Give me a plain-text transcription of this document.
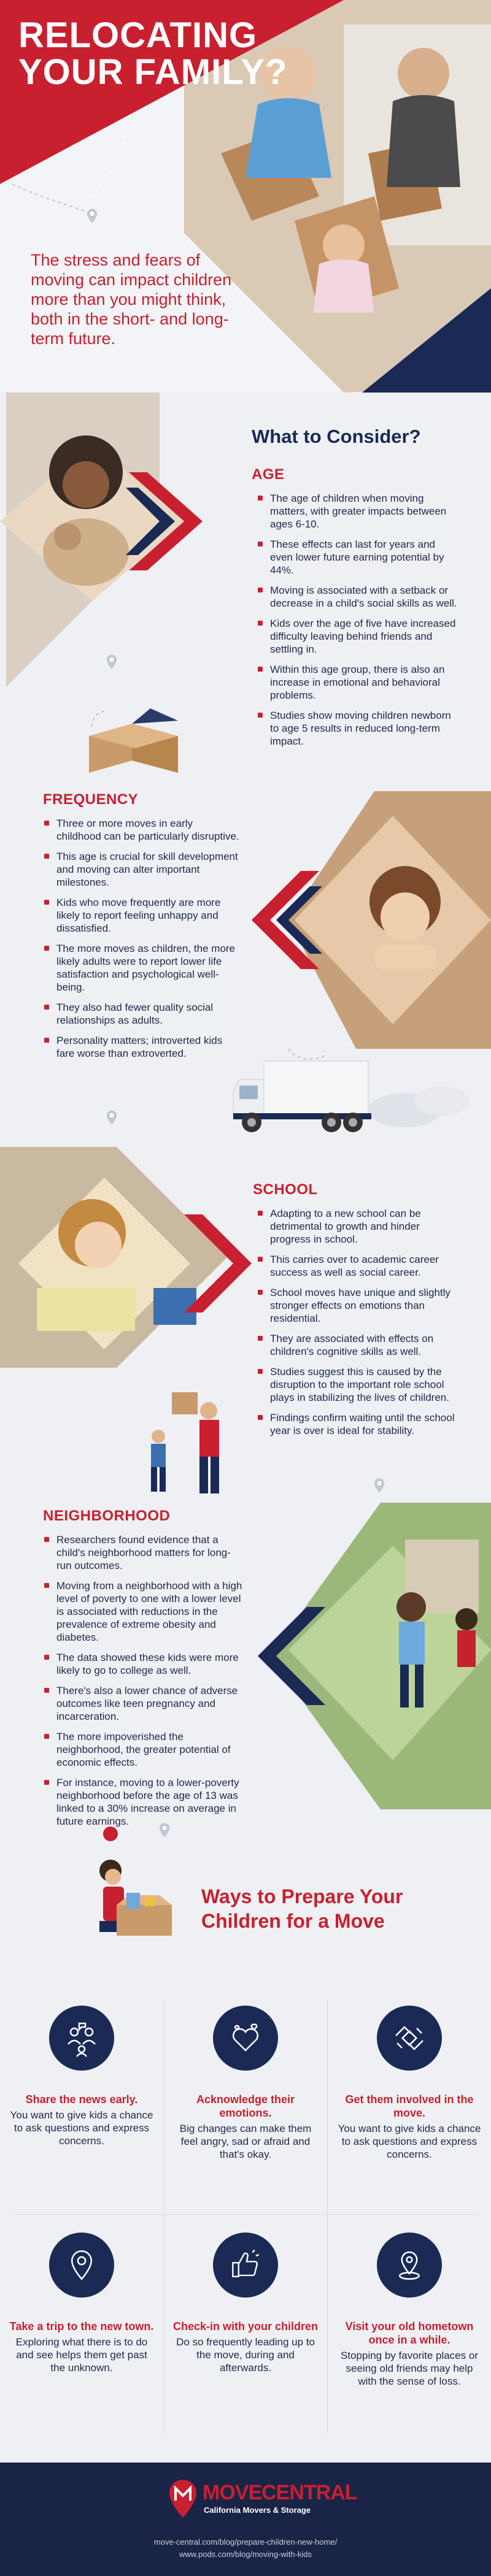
RELOCATING
YOUR FAMILY?
The stress and fears of moving can impact children more than you might think, both in the short- and long-term future.
What to Consider?
AGE
The age of children when moving matters, with greater impacts between ages 6-10.
These effects can last for years and even lower future earning potential by 44%.
Moving is associated with a setback or decrease in a child's social skills as well.
Kids over the age of five have increased difficulty leaving behind friends and settling in.
Within this age group, there is also an increase in emotional and behavioral problems.
Studies show moving children newborn to age 5 results in reduced long-term impact.
FREQUENCY
Three or more moves in early childhood can be particularly disruptive.
This age is crucial for skill development and moving can alter important milestones.
Kids who move frequently are more likely to report feeling unhappy and dissatisfied.
The more moves as children, the more likely adults were to report lower life satisfaction and psychological well-being.
They also had fewer quality social relationships as adults.
Personality matters; introverted kids fare worse than extroverted.
SCHOOL
Adapting to a new school can be detrimental to growth and hinder progress in school.
This carries over to academic career success as well as social career.
School moves have unique and slightly stronger effects on emotions than residential.
They are associated with effects on children's cognitive skills as well.
Studies suggest this is caused by the disruption to the important role school plays in stabilizing the lives of children.
Findings confirm waiting until the school year is over is ideal for stability.
NEIGHBORHOOD
Researchers found evidence that a child's neighborhood matters for long-run outcomes.
Moving from a neighborhood with a high level of poverty to one with a lower level is associated with reductions in the prevalence of extreme obesity and diabetes.
The data showed these kids were more likely to go to college as well.
There's also a lower chance of adverse outcomes like teen pregnancy and incarceration.
The more impoverished the neighborhood, the greater potential of economic effects.
For instance, moving to a lower-poverty neighborhood before the age of 13 was linked to a 30% increase on average in future earnings.
Ways to Prepare Your
Children for a Move
Share the news early.
You want to give kids a chance to ask questions and express concerns.
Acknowledge their emotions.
Big changes can make them feel angry, sad or afraid and that's okay.
Get them involved in the move.
You want to give kids a chance to ask questions and express concerns.
Take a trip to the new town.
Exploring what there is to do and see helps them get past the unknown.
Check-in with your children
Do so frequently leading up to the move, during and afterwards.
Visit your old hometown once in a while.
Stopping by favorite places or seeing old friends may help with the sense of loss.
MOVECENTRAL
California Movers & Storage
move-central.com/blog/prepare-children-new-home/
www.pods.com/blog/moving-with-kids
